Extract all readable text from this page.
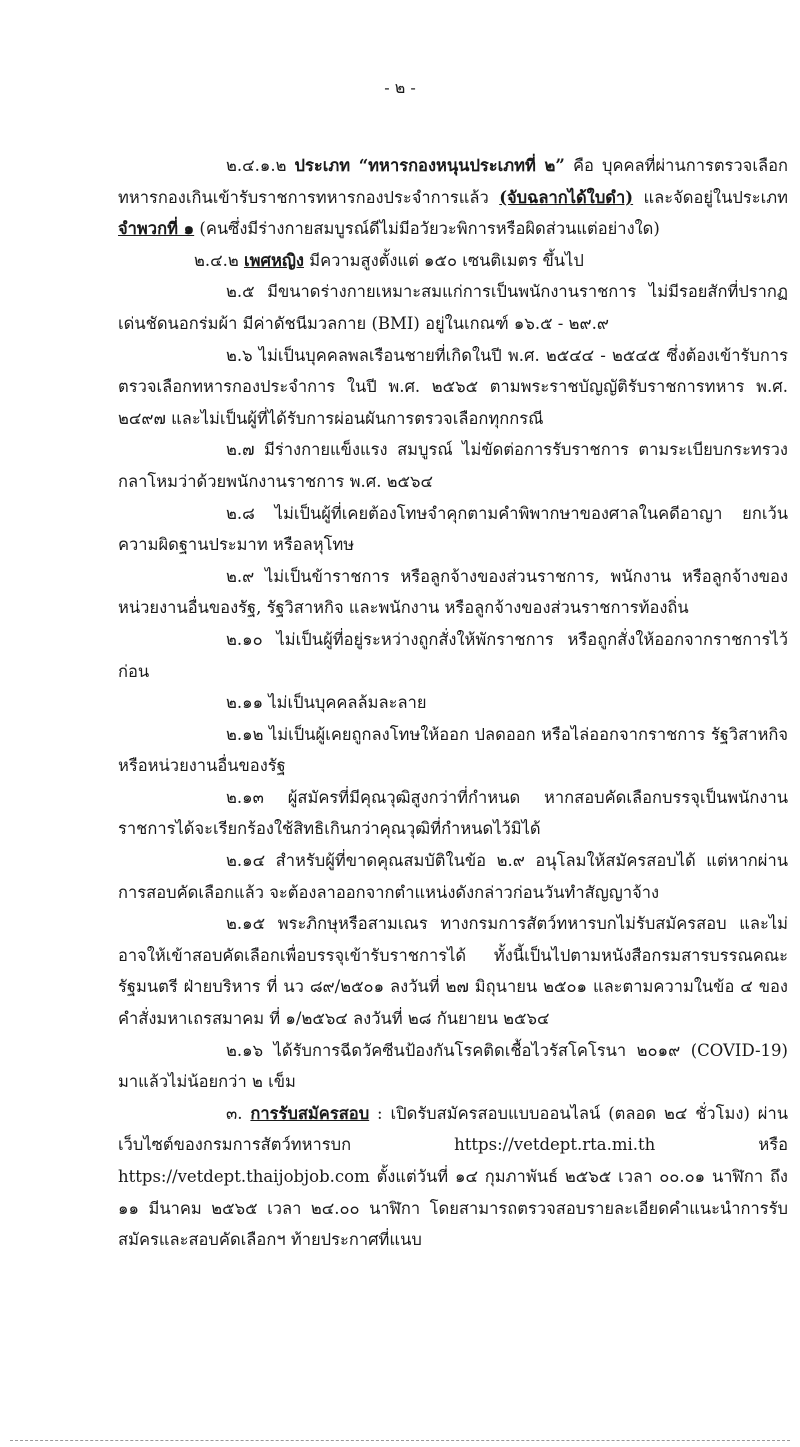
- ๒ -

๒.๔.๑.๒ ประเภท “ทหารกองหนุนประเภทที่ ๒” คือ บุคคลที่ผ่านการตรวจเลือกทหารกองเกินเข้ารับราชการทหารกองประจำการแล้ว (จับฉลากได้ใบดำ) และจัดอยู่ในประเภท จำพวกที่ ๑ (คนซึ่งมีร่างกายสมบูรณ์ดีไม่มีอวัยวะพิการหรือผิดส่วนแต่อย่างใด)

๒.๔.๒ เพศหญิง มีความสูงตั้งแต่ ๑๕๐ เซนติเมตร ขึ้นไป

๒.๕ มีขนาดร่างกายเหมาะสมแก่การเป็นพนักงานราชการ ไม่มีรอยสักที่ปรากฏเด่นชัดนอกร่มผ้า มีค่าดัชนีมวลกาย (BMI) อยู่ในเกณฑ์ ๑๖.๕ - ๒๙.๙

๒.๖ ไม่เป็นบุคคลพลเรือนชายที่เกิดในปี พ.ศ. ๒๕๔๔ - ๒๕๔๕ ซึ่งต้องเข้ารับการตรวจเลือกทหารกองประจำการ ในปี พ.ศ. ๒๕๖๕ ตามพระราชบัญญัติรับราชการทหาร พ.ศ. ๒๔๙๗ และไม่เป็นผู้ที่ได้รับการผ่อนผันการตรวจเลือกทุกกรณี

๒.๗ มีร่างกายแข็งแรง สมบูรณ์ ไม่ขัดต่อการรับราชการ ตามระเบียบกระทรวงกลาโหมว่าด้วยพนักงานราชการ พ.ศ. ๒๕๖๔

๒.๘ ไม่เป็นผู้ที่เคยต้องโทษจำคุกตามคำพิพากษาของศาลในคดีอาญา ยกเว้นความผิดฐานประมาท หรือลหุโทษ

๒.๙ ไม่เป็นข้าราชการ หรือลูกจ้างของส่วนราชการ, พนักงาน หรือลูกจ้างของหน่วยงานอื่นของรัฐ, รัฐวิสาหกิจ และพนักงาน หรือลูกจ้างของส่วนราชการท้องถิ่น

๒.๑๐ ไม่เป็นผู้ที่อยู่ระหว่างถูกสั่งให้พักราชการ หรือถูกสั่งให้ออกจากราชการไว้ก่อน

๒.๑๑ ไม่เป็นบุคคลล้มละลาย

๒.๑๒ ไม่เป็นผู้เคยถูกลงโทษให้ออก ปลดออก หรือไล่ออกจากราชการ รัฐวิสาหกิจหรือหน่วยงานอื่นของรัฐ

๒.๑๓ ผู้สมัครที่มีคุณวุฒิสูงกว่าที่กำหนด หากสอบคัดเลือกบรรจุเป็นพนักงานราชการได้จะเรียกร้องใช้สิทธิเกินกว่าคุณวุฒิที่กำหนดไว้มิได้

๒.๑๔ สำหรับผู้ที่ขาดคุณสมบัติในข้อ ๒.๙ อนุโลมให้สมัครสอบได้ แต่หากผ่านการสอบคัดเลือกแล้ว จะต้องลาออกจากตำแหน่งดังกล่าวก่อนวันทำสัญญาจ้าง

๒.๑๕ พระภิกษุหรือสามเณร ทางกรมการสัตว์ทหารบกไม่รับสมัครสอบ และไม่อาจให้เข้าสอบคัดเลือกเพื่อบรรจุเข้ารับราชการได้ ทั้งนี้เป็นไปตามหนังสือกรมสารบรรณคณะรัฐมนตรี ฝ่ายบริหาร ที่ นว ๘๙/๒๕๐๑ ลงวันที่ ๒๗ มิถุนายน ๒๕๐๑ และตามความในข้อ ๔ ของคำสั่งมหาเถรสมาคม ที่ ๑/๒๕๖๔ ลงวันที่ ๒๘ กันยายน ๒๕๖๔

๒.๑๖ ได้รับการฉีดวัคซีนป้องกันโรคติดเชื้อไวรัสโคโรนา ๒๐๑๙ (COVID-19) มาแล้วไม่น้อยกว่า ๒ เข็ม

๓. การรับสมัครสอบ : เปิดรับสมัครสอบแบบออนไลน์ (ตลอด ๒๔ ชั่วโมง) ผ่านเว็บไซต์ของกรมการสัตว์ทหารบก https://vetdept.rta.mi.th หรือ https://vetdept.thaijobjob.com ตั้งแต่วันที่ ๑๔ กุมภาพันธ์ ๒๕๖๕ เวลา ๐๐.๐๑ นาฬิกา ถึง ๑๑ มีนาคม ๒๕๖๕ เวลา ๒๔.๐๐ นาฬิกา โดยสามารถตรวจสอบรายละเอียดคำแนะนำการรับสมัครและสอบคัดเลือกฯ ท้ายประกาศที่แนบ
